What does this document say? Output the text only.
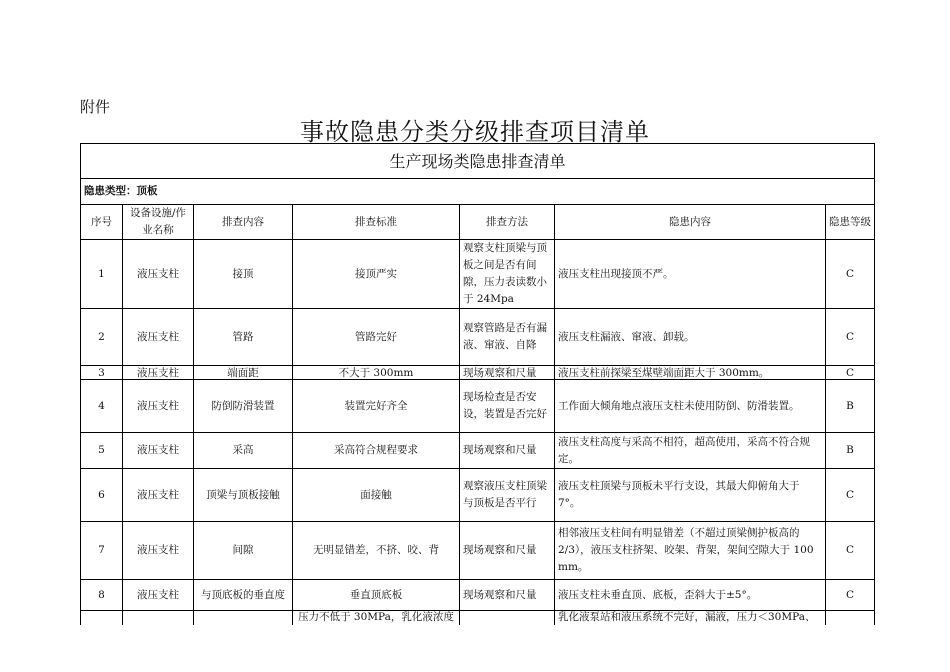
附件
事故隐患分类分级排查项目清单
生产现场类隐患排查清单						
隐患类型：顶板						
序号	设备设施/作业名称	排查内容	排查标准	排查方法	隐患内容	隐患等级
1	液压支柱	接顶	接顶严实	观察支柱顶梁与顶板之间是否有间隙，压力表读数小于 24Mpa	液压支柱出现接顶不严。	C
2	液压支柱	管路	管路完好	观察管路是否有漏液、窜液、自降	液压支柱漏液、窜液、卸载。	C
3	液压支柱	端面距	不大于 300mm	现场观察和尺量	液压支柱前探梁至煤壁端面距大于 300mm。	C
4	液压支柱	防倒防滑装置	装置完好齐全	现场检查是否安设，装置是否完好	工作面大倾角地点液压支柱未使用防倒、防滑装置。	B
5	液压支柱	采高	采高符合规程要求	现场观察和尺量	液压支柱高度与采高不相符，超高使用，采高不符合规定。	B
6	液压支柱	顶梁与顶板接触	面接触	观察液压支柱顶梁与顶板是否平行	液压支柱顶梁与顶板未平行支设，其最大仰俯角大于 7°。	C
7	液压支柱	间隙	无明显错差，不挤、咬、背	现场观察和尺量	相邻液压支柱间有明显错差（不超过顶梁侧护板高的 2/3），液压支柱挤架、咬架、背架，架间空隙大于 100 mm。	C
8	液压支柱	与顶底板的垂直度	垂直顶底板	现场观察和尺量	液压支柱未垂直顶、底板，歪斜大于±5°。	C
			压力不低于 30MPa，乳化液浓度		乳化液泵站和液压系统不完好，漏液，压力＜30MPa、	
